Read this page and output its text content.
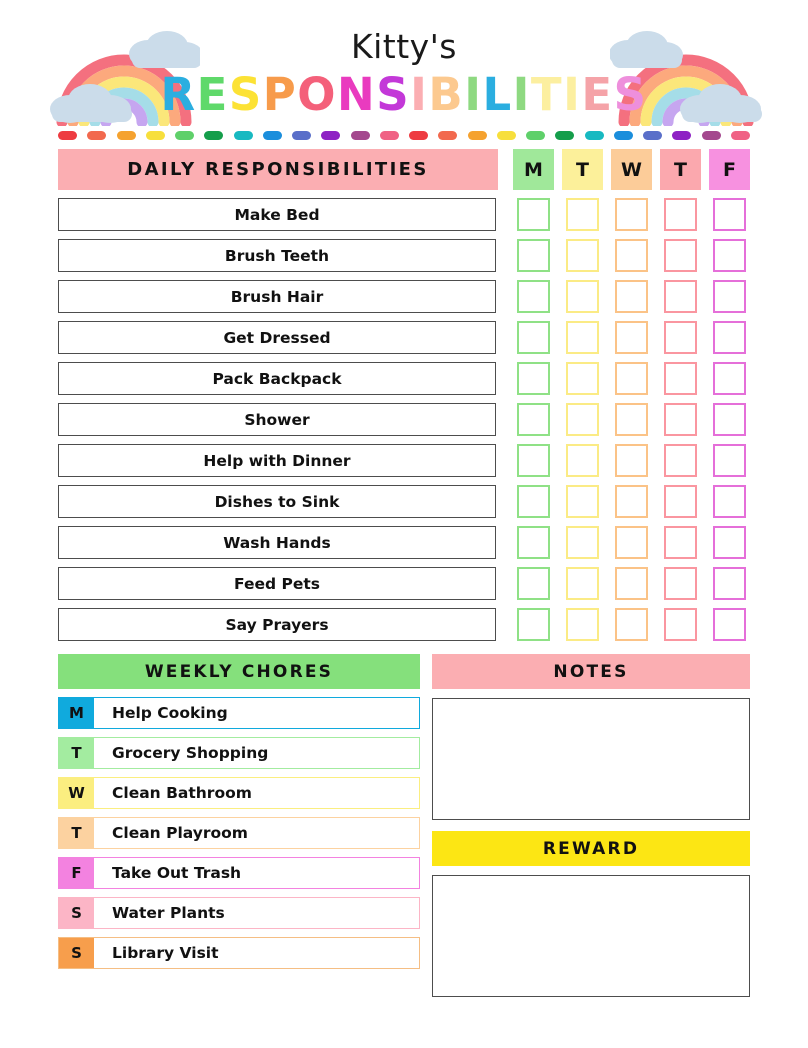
Kitty's
RESPONSIBILITIES
DAILY RESPONSIBILITIES	M	T	W	T	F
Make Bed
Brush Teeth
Brush Hair
Get Dressed
Pack Backpack
Shower
Help with Dinner
Dishes to Sink
Wash Hands
Feed Pets
Say Prayers
WEEKLY CHORES
M	Help Cooking
T	Grocery Shopping
W	Clean Bathroom
T	Clean Playroom
F	Take Out Trash
S	Water Plants
S	Library Visit
NOTES
REWARD
